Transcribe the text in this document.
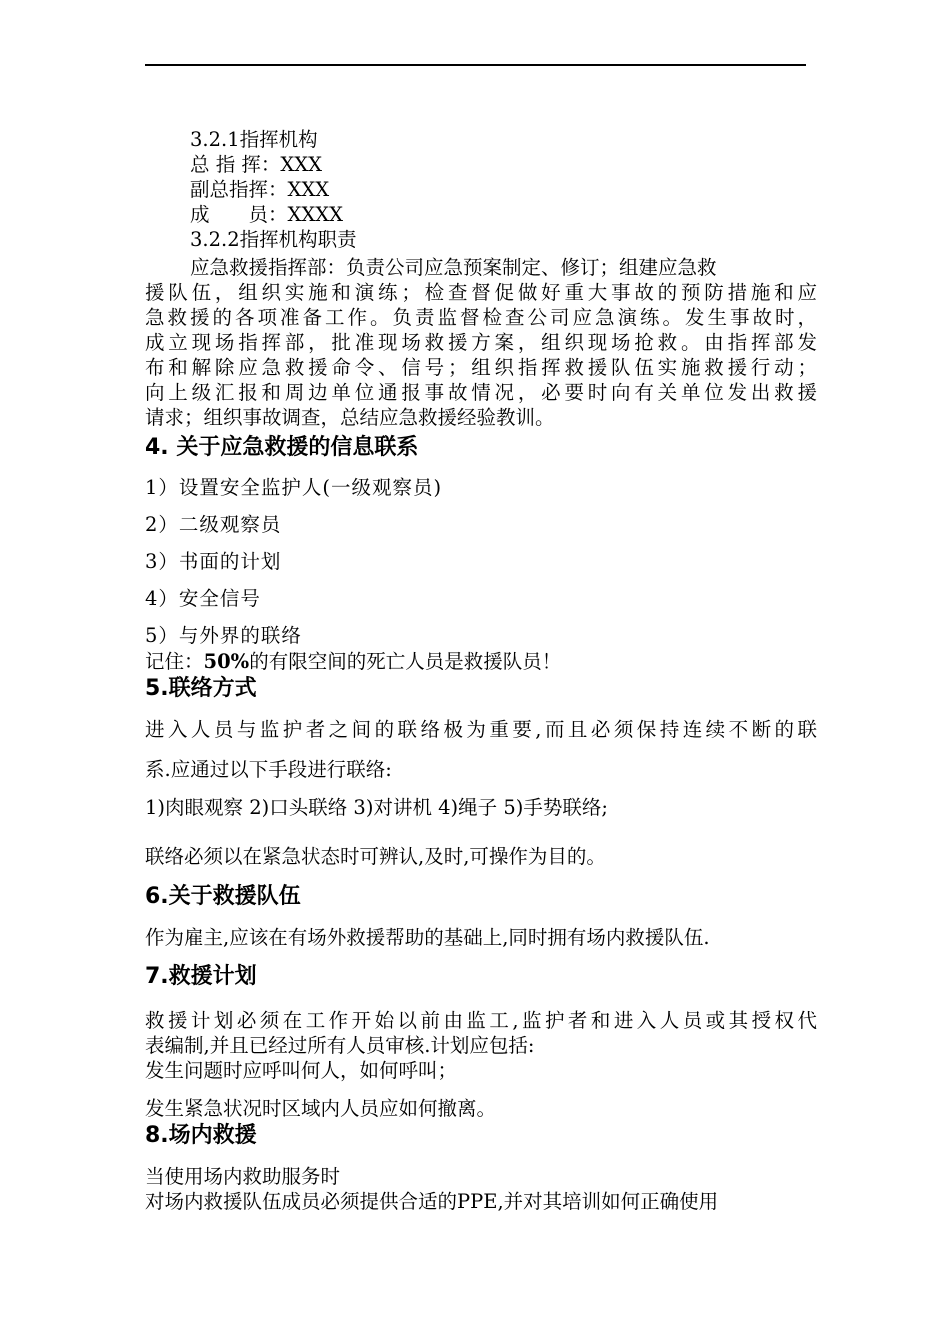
3.2.1指挥机构
总 指 挥：XXX
副总指挥：XXX
成　　员：XXXX
3.2.2指挥机构职责
应急救援指挥部：负责公司应急预案制定、修订；组建应急救
援队伍，组织实施和演练；检查督促做好重大事故的预防措施和应
急救援的各项准备工作。负责监督检查公司应急演练。发生事故时，
成立现场指挥部，批准现场救援方案，组织现场抢救。由指挥部发
布和解除应急救援命令、信号；组织指挥救援队伍实施救援行动；
向上级汇报和周边单位通报事故情况，必要时向有关单位发出救援
请求；组织事故调查，总结应急救援经验教训。
4. 关于应急救援的信息联系
1）设置安全监护人(一级观察员)
2）二级观察员
3）书面的计划
4）安全信号
5）与外界的联络
记住：50%的有限空间的死亡人员是救援队员！
5.联络方式
进入人员与监护者之间的联络极为重要,而且必须保持连续不断的联
系.应通过以下手段进行联络:
1)肉眼观察 2)口头联络 3)对讲机 4)绳子 5)手势联络;
联络必须以在紧急状态时可辨认,及时,可操作为目的。
6.关于救援队伍
作为雇主,应该在有场外救援帮助的基础上,同时拥有场内救援队伍.
7.救援计划
救援计划必须在工作开始以前由监工,监护者和进入人员或其授权代
表编制,并且已经过所有人员审核.计划应包括:
发生问题时应呼叫何人，如何呼叫；
发生紧急状况时区域内人员应如何撤离。
8.场内救援
当使用场内救助服务时
对场内救援队伍成员必须提供合适的PPE,并对其培训如何正确使用
